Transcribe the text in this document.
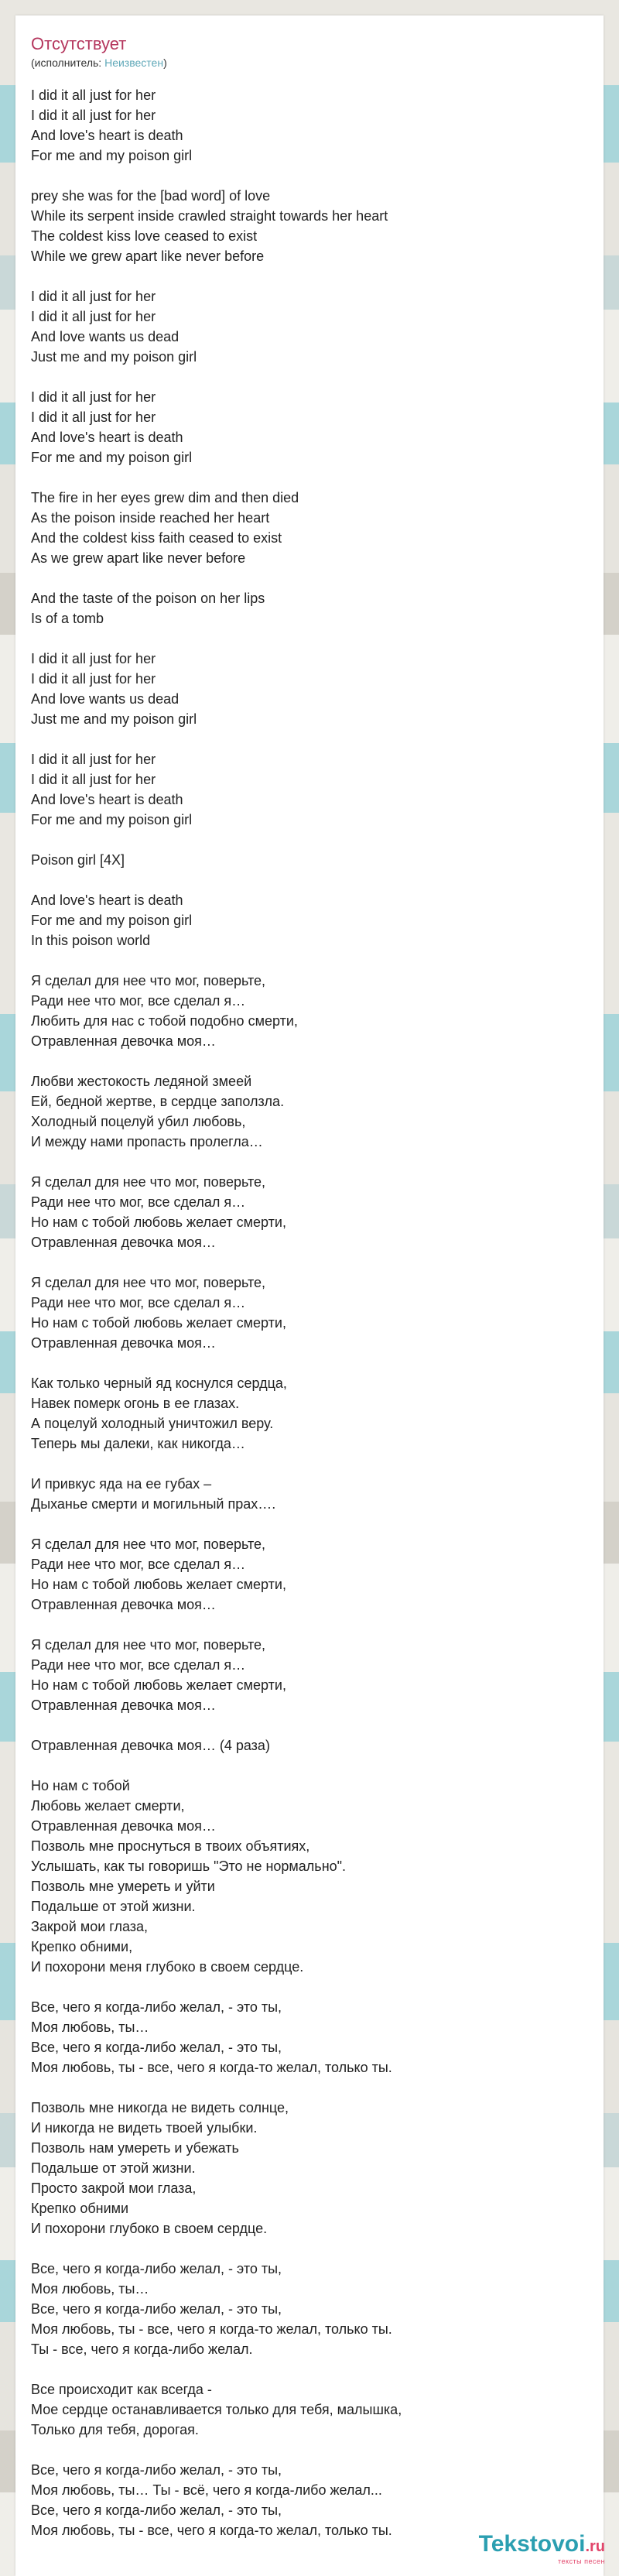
Отсутствует
(исполнитель: Неизвестен)
I did it all just for her
I did it all just for her
And love's heart is death
For me and my poison girl
prey she was for the [bad word] of love
While its serpent inside crawled straight towards her heart
The coldest kiss love ceased to exist
While we grew apart like never before
I did it all just for her
I did it all just for her
And love wants us dead
Just me and my poison girl
I did it all just for her
I did it all just for her
And love's heart is death
For me and my poison girl
The fire in her eyes grew dim and then died
As the poison inside reached her heart
And the coldest kiss faith ceased to exist
As we grew apart like never before
And the taste of the poison on her lips
Is of a tomb
I did it all just for her
I did it all just for her
And love wants us dead
Just me and my poison girl
I did it all just for her
I did it all just for her
And love's heart is death
For me and my poison girl
Poison girl [4X]
And love's heart is death
For me and my poison girl
In this poison world
Я сделал для нее что мог, поверьте,
Ради нее что мог, все сделал я…
Любить для нас с тобой подобно смерти,
Отравленная девочка моя…
Любви жестокость ледяной змеей
Ей, бедной жертве, в сердце заползла.
Холодный поцелуй убил любовь,
И между нами пропасть пролегла…
Я сделал для нее что мог, поверьте,
Ради нее что мог, все сделал я…
Но нам с тобой любовь желает смерти,
Отравленная девочка моя…
Я сделал для нее что мог, поверьте,
Ради нее что мог, все сделал я…
Но нам с тобой любовь желает смерти,
Отравленная девочка моя…
Как только черный яд коснулся сердца,
Навек померк огонь в ее глазах.
А поцелуй холодный уничтожил веру.
Теперь мы далеки, как никогда…
И привкус яда на ее губах –
Дыханье смерти и могильный прах….
Я сделал для нее что мог, поверьте,
Ради нее что мог, все сделал я…
Но нам с тобой любовь желает смерти,
Отравленная девочка моя…
Я сделал для нее что мог, поверьте,
Ради нее что мог, все сделал я…
Но нам с тобой любовь желает смерти,
Отравленная девочка моя…
Отравленная девочка моя… (4 раза)
Но нам с тобой
Любовь желает смерти,
Отравленная девочка моя…
Позволь мне проснуться в твоих объятиях,
Услышать, как ты говоришь "Это не нормально".
Позволь мне умереть и уйти
Подальше от этой жизни.
Закрой мои глаза,
Крепко обними,
И похорони меня глубоко в своем сердце.
Все, чего я когда-либо желал, - это ты,
Моя любовь, ты…
Все, чего я когда-либо желал, - это ты,
Моя любовь, ты - все, чего я когда-то желал, только ты.
Позволь мне никогда не видеть солнце,
И никогда не видеть твоей улыбки.
Позволь нам умереть и убежать
Подальше от этой жизни.
Просто закрой мои глаза,
Крепко обними
И похорони глубоко в своем сердце.
Все, чего я когда-либо желал, - это ты,
Моя любовь, ты…
Все, чего я когда-либо желал, - это ты,
Моя любовь, ты - все, чего я когда-то желал, только ты.
Ты - все, чего я когда-либо желал.
Все происходит как всегда -
Мое сердце останавливается только для тебя, малышка,
Только для тебя, дорогая.
Все, чего я когда-либо желал, - это ты,
Моя любовь, ты… Ты - всё, чего я когда-либо желал...
Все, чего я когда-либо желал, - это ты,
Моя любовь, ты - все, чего я когда-то желал, только ты.
Tekstovoi.ru
тексты песен
